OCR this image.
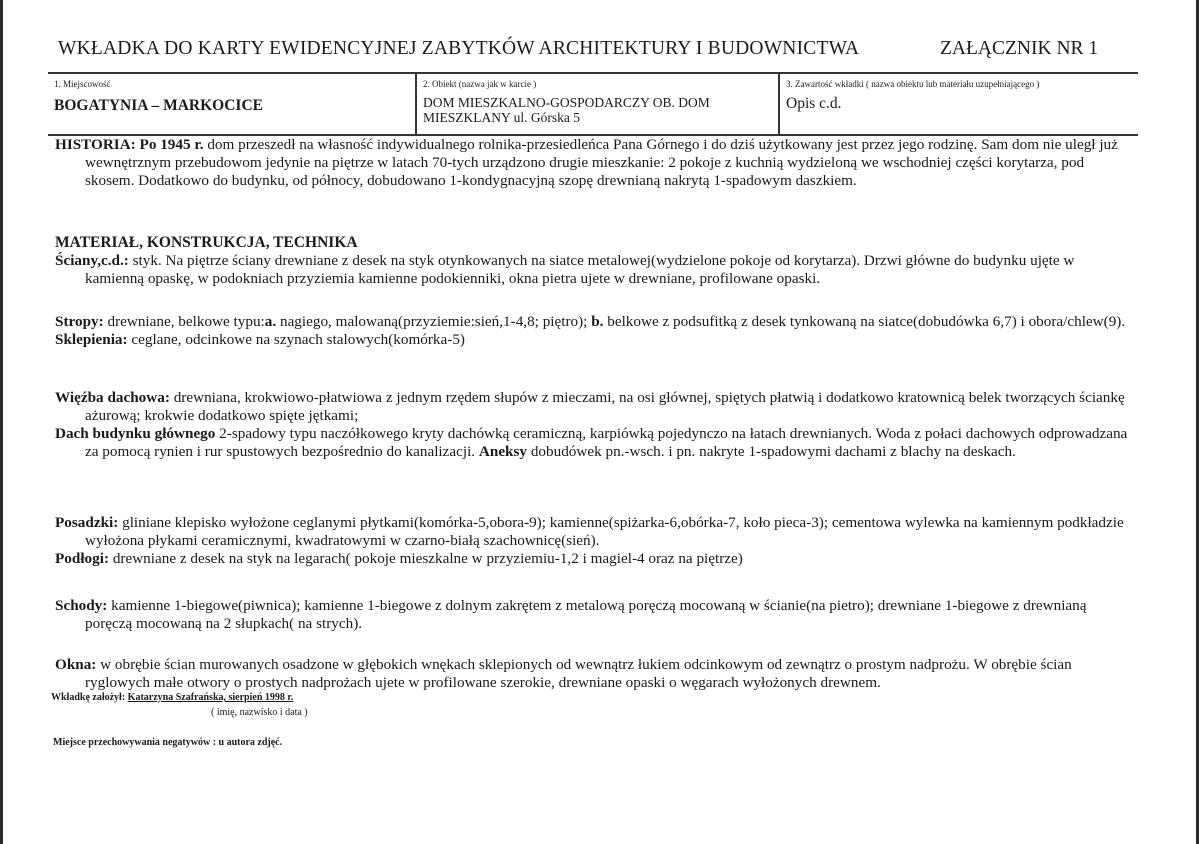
WKŁADKA DO KARTY EWIDENCYJNEJ ZABYTKÓW ARCHITEKTURY I BUDOWNICTWA	ZAŁĄCZNIK NR 1
1. Miejscowość
BOGATYNIA – MARKOCICE
2. Obiekt (nazwa jak w karcie )
DOM MIESZKALNO-GOSPODARCZY OB. DOM
MIESZKLANY ul. Górska 5
3. Zawartość wkładki ( nazwa obiektu lub materiału uzupełniającego )
Opis c.d.

HISTORIA: Po 1945 r. dom przeszedł na własność indywidualnego rolnika-przesiedleńca Pana Górnego i do dziś użytkowany jest przez jego rodzinę. Sam dom nie uległ już wewnętrznym przebudowom jedynie na piętrze w latach 70-tych urządzono drugie mieszkanie: 2 pokoje z kuchnią wydzieloną we wschodniej części korytarza, pod skosem. Dodatkowo do budynku, od północy, dobudowano 1-kondygnacyjną szopę drewnianą nakrytą 1-spadowym daszkiem.

MATERIAŁ, KONSTRUKCJA, TECHNIKA

Ściany,c.d.: styk. Na piętrze ściany drewniane z desek na styk otynkowanych na siatce metalowej(wydzielone pokoje od korytarza). Drzwi główne do budynku ujęte w kamienną opaskę, w podokniach przyziemia kamienne podokienniki, okna pietra ujete w drewniane, profilowane opaski.

Stropy: drewniane, belkowe typu:a. nagiego, malowaną(przyziemie:sień,1-4,8; piętro); b. belkowe z podsufitką z desek tynkowaną na siatce(dobudówka 6,7) i obora/chlew(9).

Sklepienia: ceglane, odcinkowe na szynach stalowych(komórka-5)

Więźba dachowa: drewniana, krokwiowo-płatwiowa z jednym rzędem słupów z mieczami, na osi głównej, spiętych płatwią i dodatkowo kratownicą belek tworzących ściankę ażurową; krokwie dodatkowo spięte jętkami;

Dach budynku głównego 2-spadowy typu naczółkowego kryty dachówką ceramiczną, karpiówką pojedynczo na łatach drewnianych. Woda z połaci dachowych odprowadzana za pomocą rynien i rur spustowych bezpośrednio do kanalizacji. Aneksy dobudówek pn.-wsch. i pn. nakryte 1-spadowymi dachami z blachy na deskach.

Posadzki: gliniane klepisko wyłożone ceglanymi płytkami(komórka-5,obora-9); kamienne(spiżarka-6,obórka-7, koło pieca-3); cementowa wylewka na kamiennym podkładzie wyłożona płykami ceramicznymi, kwadratowymi w czarno-białą szachownicę(sień).

Podłogi: drewniane z desek na styk na legarach( pokoje mieszkalne w przyziemiu-1,2 i magiel-4 oraz na piętrze)

Schody: kamienne 1-biegowe(piwnica); kamienne 1-biegowe z dolnym zakrętem z metalową poręczą mocowaną w ścianie(na pietro); drewniane 1-biegowe z drewnianą poręczą mocowaną na 2 słupkach( na strych).

Okna: w obrębie ścian murowanych osadzone w głębokich wnękach sklepionych od wewnątrz łukiem odcinkowym od zewnątrz o prostym nadprożu. W obrębie ścian ryglowych małe otwory o prostych nadprożach ujete w profilowane szerokie, drewniane opaski o węgarach wyłożonych drewnem.

Wkładkę założył: Katarzyna Szafrańska, sierpień 1998 r.
( imię, nazwisko i data )
Miejsce przechowywania negatywów : u autora zdjęć.
